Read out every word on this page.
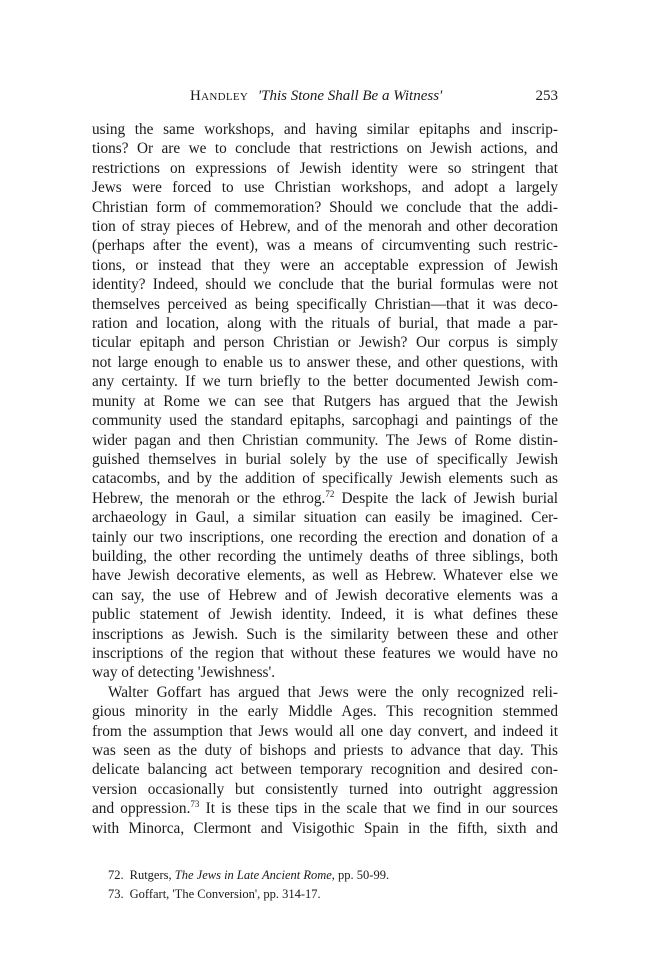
Handley 'This Stone Shall Be a Witness'	253
using the same workshops, and having similar epitaphs and inscrip-
tions? Or are we to conclude that restrictions on Jewish actions, and
restrictions on expressions of Jewish identity were so stringent that
Jews were forced to use Christian workshops, and adopt a largely
Christian form of commemoration? Should we conclude that the addi-
tion of stray pieces of Hebrew, and of the menorah and other decoration
(perhaps after the event), was a means of circumventing such restric-
tions, or instead that they were an acceptable expression of Jewish
identity? Indeed, should we conclude that the burial formulas were not
themselves perceived as being specifically Christian—that it was deco-
ration and location, along with the rituals of burial, that made a par-
ticular epitaph and person Christian or Jewish? Our corpus is simply
not large enough to enable us to answer these, and other questions, with
any certainty. If we turn briefly to the better documented Jewish com-
munity at Rome we can see that Rutgers has argued that the Jewish
community used the standard epitaphs, sarcophagi and paintings of the
wider pagan and then Christian community. The Jews of Rome distin-
guished themselves in burial solely by the use of specifically Jewish
catacombs, and by the addition of specifically Jewish elements such as
Hebrew, the menorah or the ethrog.$^{72}$ Despite the lack of Jewish burial
archaeology in Gaul, a similar situation can easily be imagined. Cer-
tainly our two inscriptions, one recording the erection and donation of a
building, the other recording the untimely deaths of three siblings, both
have Jewish decorative elements, as well as Hebrew. Whatever else we
can say, the use of Hebrew and of Jewish decorative elements was a
public statement of Jewish identity. Indeed, it is what defines these
inscriptions as Jewish. Such is the similarity between these and other
inscriptions of the region that without these features we would have no
way of detecting 'Jewishness'.
Walter Goffart has argued that Jews were the only recognized reli-
gious minority in the early Middle Ages. This recognition stemmed
from the assumption that Jews would all one day convert, and indeed it
was seen as the duty of bishops and priests to advance that day. This
delicate balancing act between temporary recognition and desired con-
version occasionally but consistently turned into outright aggression
and oppression.$^{73}$ It is these tips in the scale that we find in our sources
with Minorca, Clermont and Visigothic Spain in the fifth, sixth and
72. Rutgers, The Jews in Late Ancient Rome, pp. 50-99.
73. Goffart, 'The Conversion', pp. 314-17.
